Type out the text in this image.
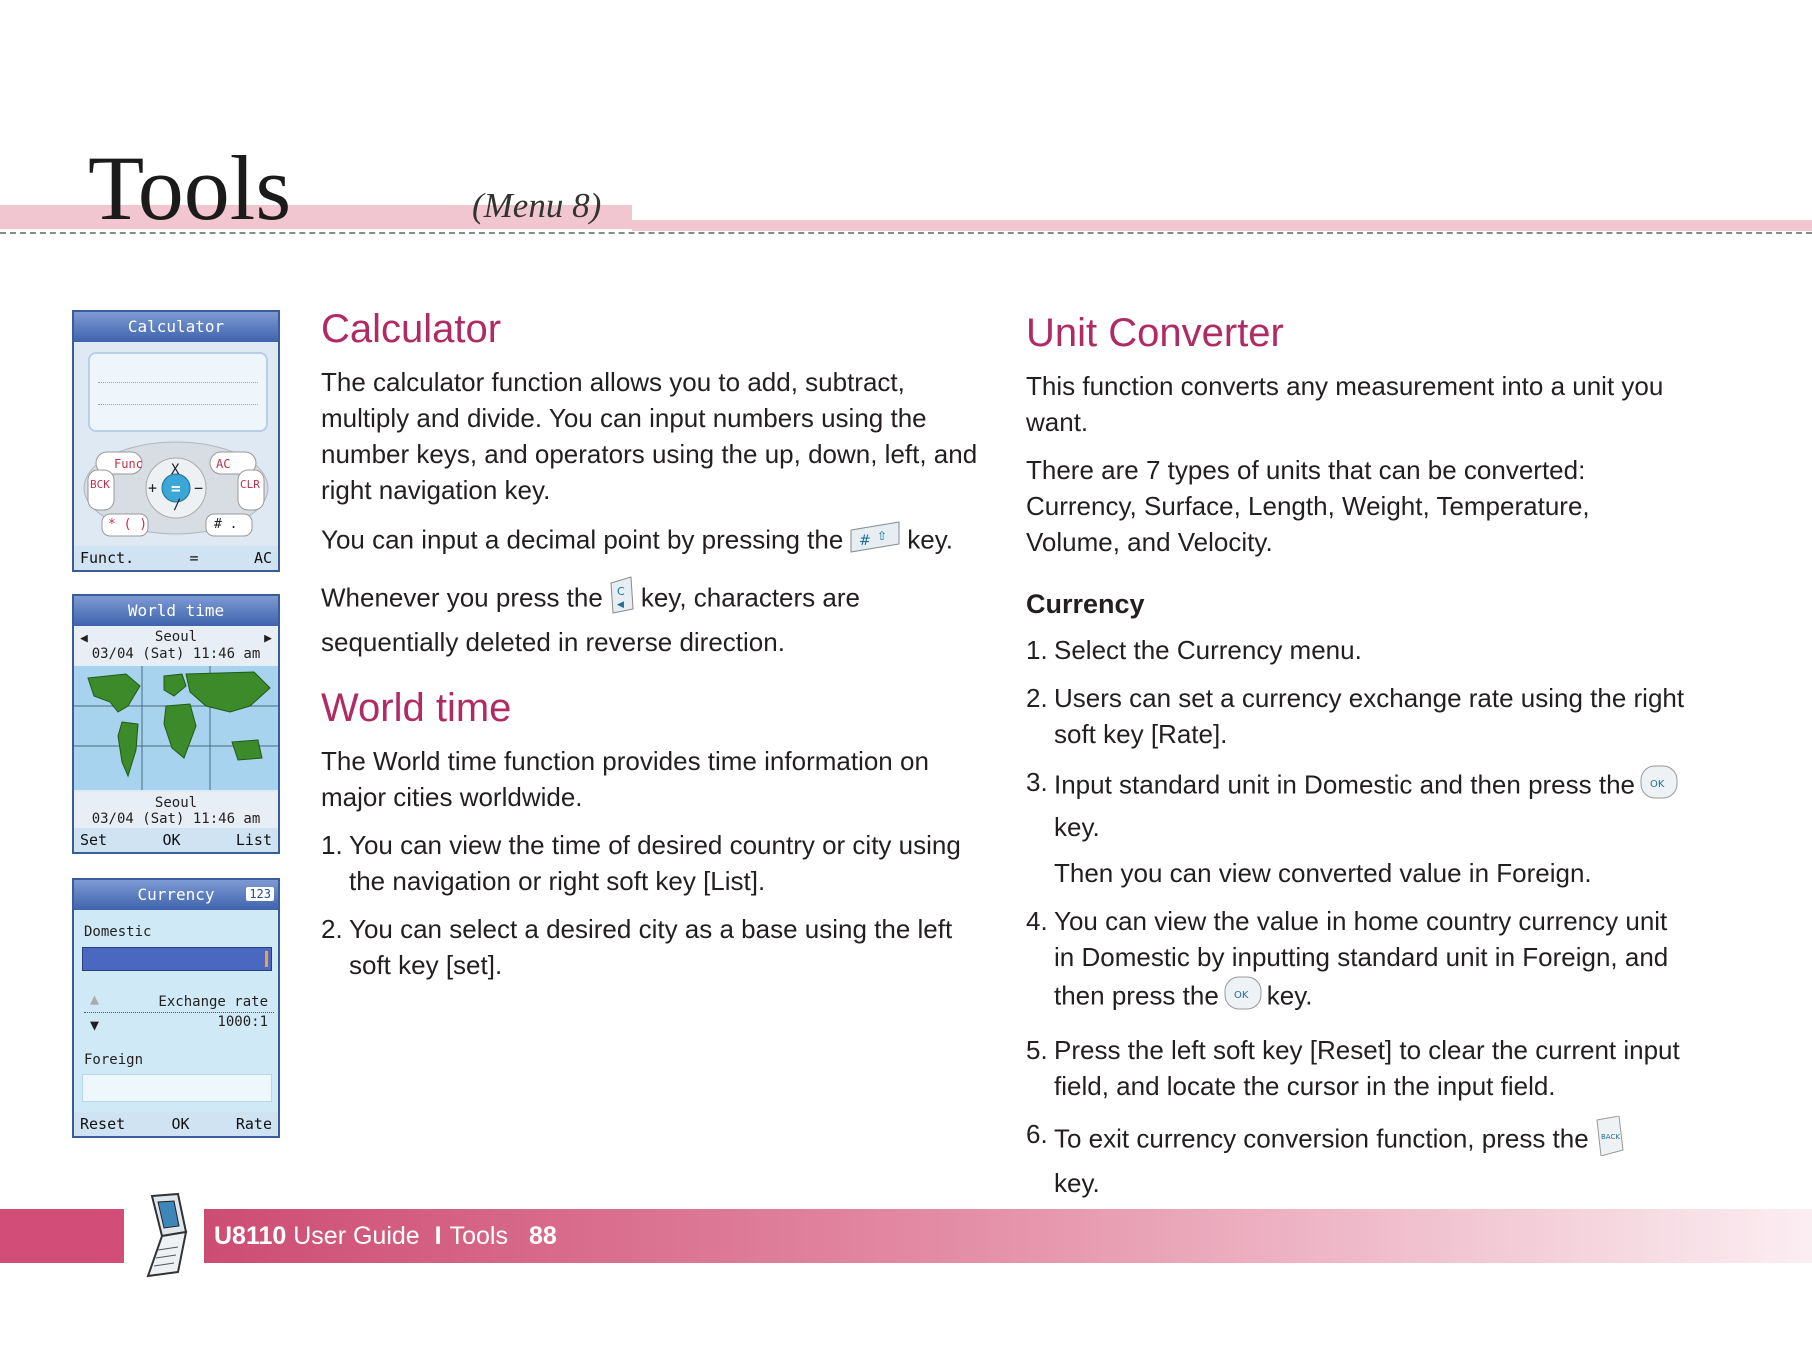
Tools	(Menu 8)
Calculator
Func	AC
BCK	CLR
X
+ −
=
/
* ( )	# .
Funct.	=	AC
World time
◀	▶
Seoul
03/04 (Sat) 11:46 am
Seoul
03/04 (Sat) 11:46 am
Set	OK	List
Currency	123
Domestic
▲
▼
Exchange rate
1000:1
Foreign
Reset	OK	Rate
Calculator

The calculator function allows you to add, subtract, multiply and divide. You can input numbers using the number keys, and operators using the up, down, left, and right navigation key.

You can input a decimal point by pressing the # ⇧ key.

Whenever you press the C
◀ key, characters are sequentially deleted in reverse direction.

World time

The World time function provides time information on major cities worldwide.

1. You can view the time of desired country or city using the navigation or right soft key [List].
2. You can select a desired city as a base using the left soft key [set].
Unit Converter

This function converts any measurement into a unit you want.

There are 7 types of units that can be converted: Currency, Surface, Length, Weight, Temperature, Volume, and Velocity.

Currency
1. Select the Currency menu.
2. Users can set a currency exchange rate using the right soft key [Rate].
3. Input standard unit in Domestic and then press the OK
key.
Then you can view converted value in Foreign.
4. You can view the value in home country currency unit in Domestic by inputting standard unit in Foreign, and then press the OK key.
5. Press the left soft key [Reset] to clear the current input field, and locate the cursor in the input field.
6. To exit currency conversion function, press the BACK

key.
U8110 User Guide I Tools 88
